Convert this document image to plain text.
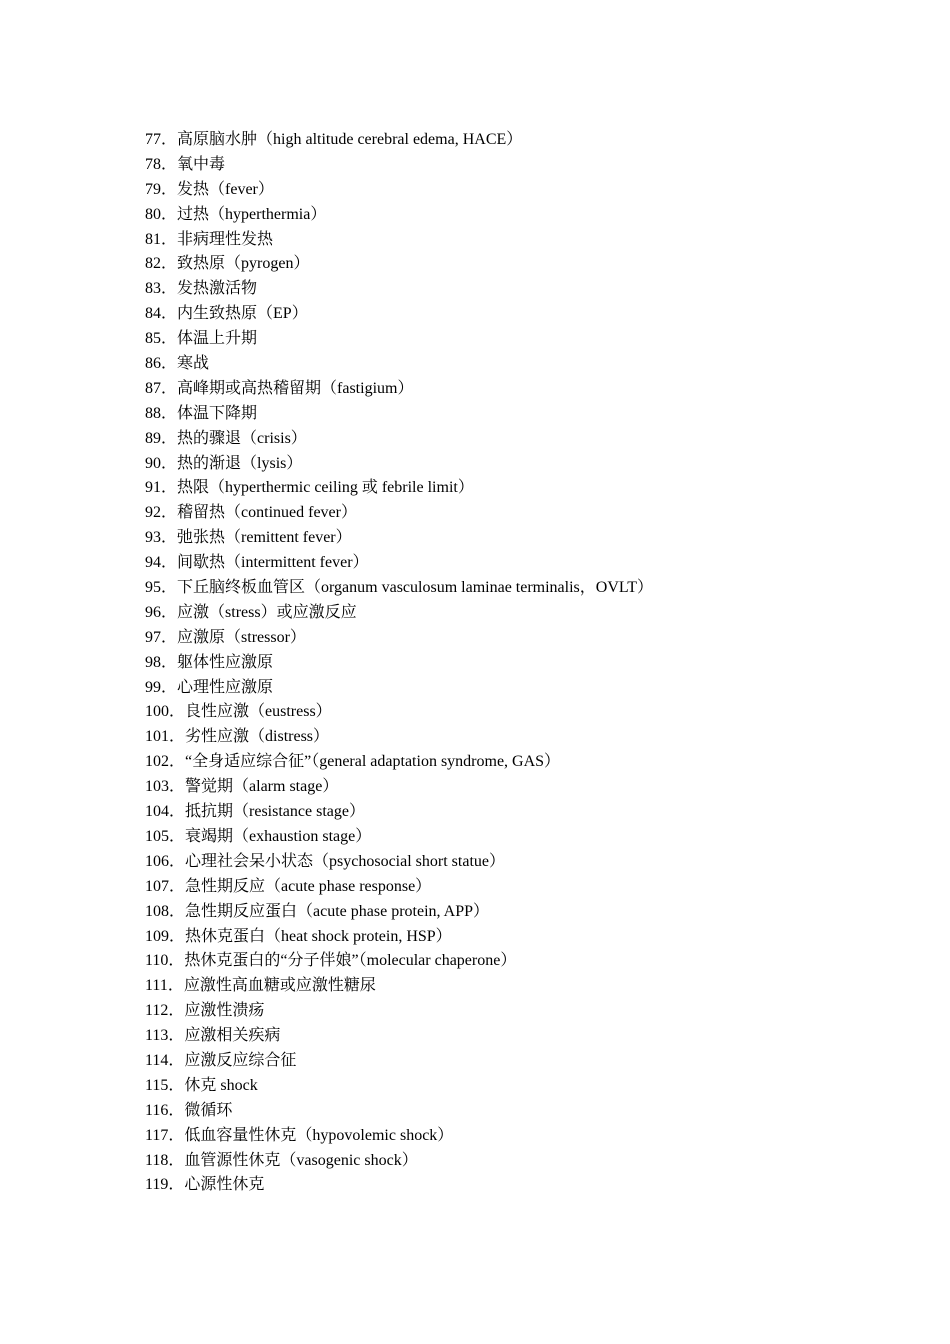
77．高原脑水肿（high altitude cerebral edema, HACE）
78．氧中毒
79．发热（fever）
80．过热（hyperthermia）
81．非病理性发热
82．致热原（pyrogen）
83．发热激活物
84．内生致热原（EP）
85．体温上升期
86．寒战
87．高峰期或高热稽留期（fastigium）
88．体温下降期
89．热的骤退（crisis）
90．热的渐退（lysis）
91．热限（hyperthermic ceiling 或 febrile limit）
92．稽留热（continued fever）
93．弛张热（remittent fever）
94．间歇热（intermittent fever）
95．下丘脑终板血管区（organum vasculosum laminae terminalis，OVLT）
96．应激（stress）或应激反应
97．应激原（stressor）
98．躯体性应激原
99．心理性应激原
100．良性应激（eustress）
101．劣性应激（distress）
102．“全身适应综合征”（general adaptation syndrome, GAS）
103．警觉期（alarm stage）
104．抵抗期（resistance stage）
105．衰竭期（exhaustion stage）
106．心理社会呆小状态（psychosocial short statue）
107．急性期反应（acute phase response）
108．急性期反应蛋白（acute phase protein, APP）
109．热休克蛋白（heat shock protein, HSP）
110．热休克蛋白的“分子伴娘”（molecular chaperone）
111．应激性高血糖或应激性糖尿
112．应激性溃疡
113．应激相关疾病
114．应激反应综合征
115．休克 shock
116．微循环
117．低血容量性休克（hypovolemic shock）
118．血管源性休克（vasogenic shock）
119．心源性休克
